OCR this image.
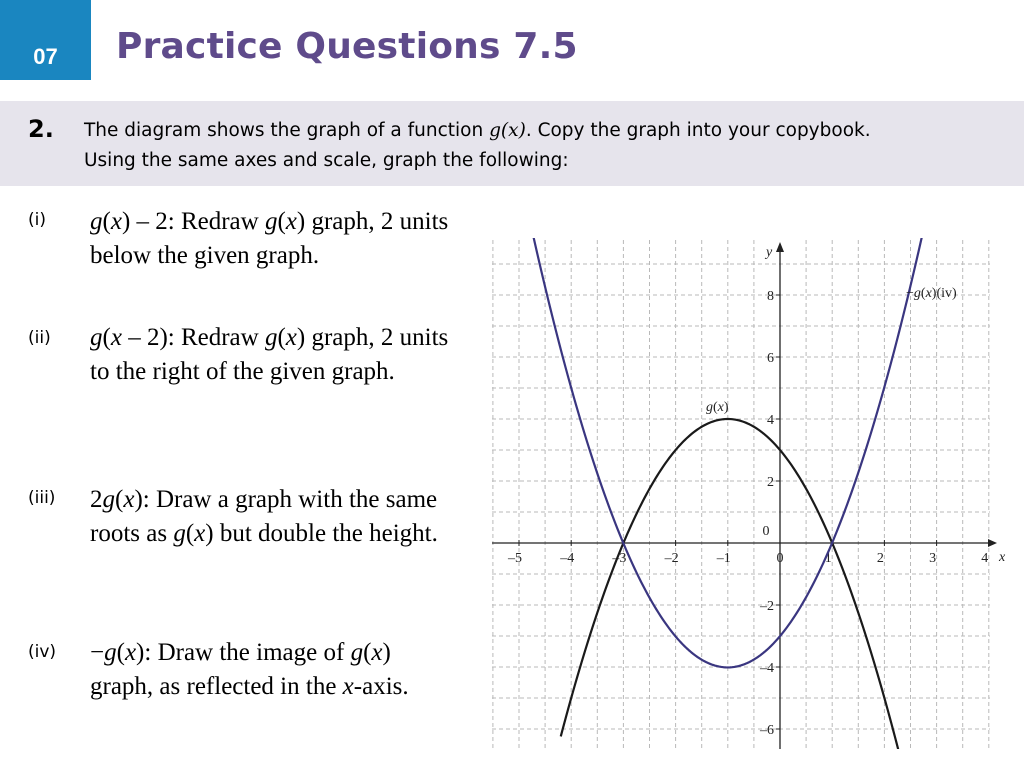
07 Practice Questions 7.5
2. The diagram shows the graph of a function g(x). Copy the graph into your copybook.
Using the same axes and scale, graph the following:
(i) g(x) – 2: Redraw g(x) graph, 2 units below the given graph.
(ii) g(x – 2): Redraw g(x) graph, 2 units to the right of the given graph.
(iii) 2g(x): Draw a graph with the same roots as g(x) but double the height.
(iv) −g(x): Draw the image of g(x) graph, as reflected in the x-axis.
x
y
–5	–4	–3	–2	–1	0	1	2	3	4
–6
–4
–2
0
2
4
6
8
g(x)
−g(x)(iv)
